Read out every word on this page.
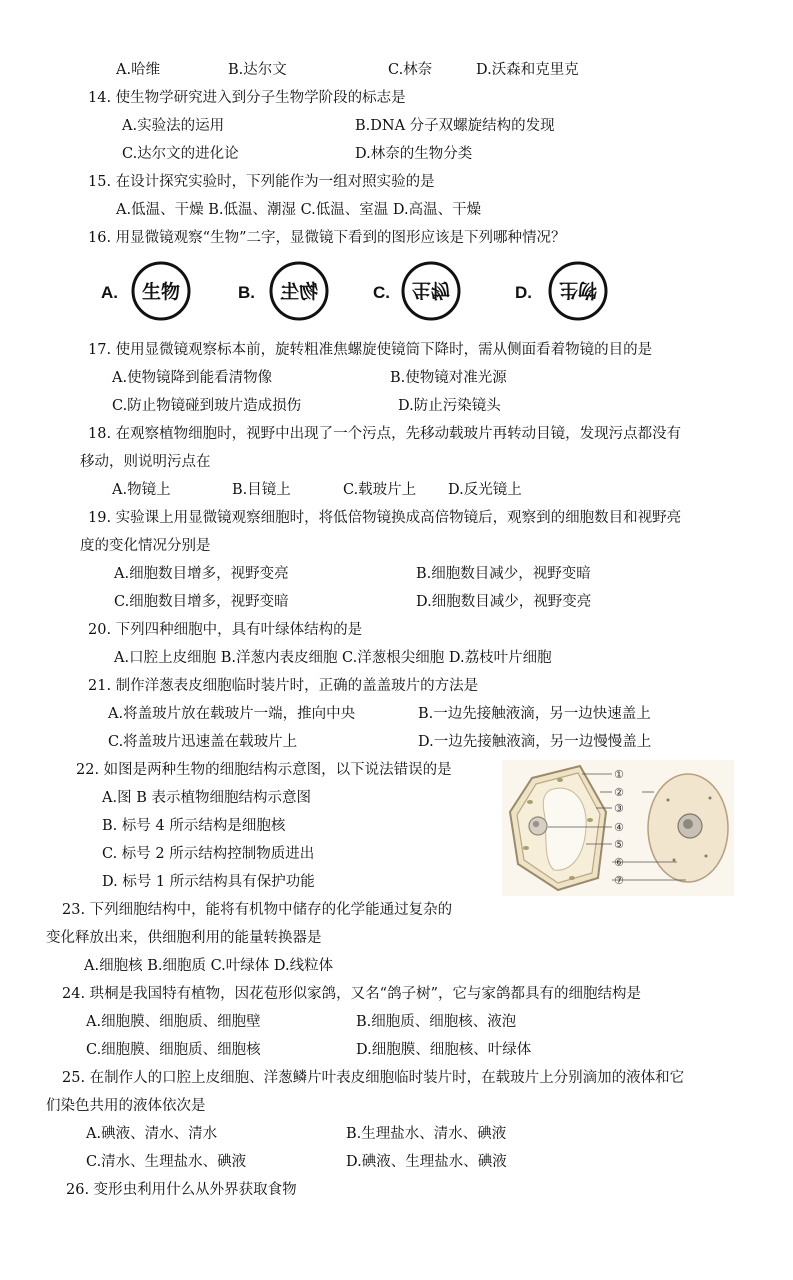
A.哈维	B.达尔文	C.林奈	D.沃森和克里克
14. 使生物学研究进入到分子生物学阶段的标志是
A.实验法的运用	B.DNA 分子双螺旋结构的发现
C.达尔文的进化论	D.林奈的生物分类
15. 在设计探究实验时，下列能作为一组对照实验的是
A.低温、干燥 B.低温、潮湿 C.低温、室温 D.高温、干燥
16. 用显微镜观察“生物”二字，显微镜下看到的图形应该是下列哪种情况？
A. 生物	B. 物生	C. 生物	D. 物生
17. 使用显微镜观察标本前，旋转粗准焦螺旋使镜筒下降时，需从侧面看着物镜的目的是
A.使物镜降到能看清物像	B.使物镜对准光源
C.防止物镜碰到玻片造成损伤	D.防止污染镜头
18. 在观察植物细胞时，视野中出现了一个污点，先移动载玻片再转动目镜，发现污点都没有
移动，则说明污点在
A.物镜上	B.目镜上	C.载玻片上 D.反光镜上
19. 实验课上用显微镜观察细胞时，将低倍物镜换成高倍物镜后，观察到的细胞数目和视野亮
度的变化情况分别是
A.细胞数目增多，视野变亮	B.细胞数目减少，视野变暗
C.细胞数目增多，视野变暗	D.细胞数目减少，视野变亮
20. 下列四种细胞中，具有叶绿体结构的是
A.口腔上皮细胞 B.洋葱内表皮细胞 C.洋葱根尖细胞 D.荔枝叶片细胞
21. 制作洋葱表皮细胞临时装片时，正确的盖盖玻片的方法是
A.将盖玻片放在载玻片一端，推向中央	B.一边先接触液滴，另一边快速盖上
C.将盖玻片迅速盖在载玻片上	D.一边先接触液滴，另一边慢慢盖上
22. 如图是两种生物的细胞结构示意图，以下说法错误的是
A.图 B 表示植物细胞结构示意图
B. 标号 4 所示结构是细胞核
C. 标号 2 所示结构控制物质进出
D. 标号 1 所示结构具有保护功能
①
②
③
④
⑤
⑥
⑦
23. 下列细胞结构中，能将有机物中储存的化学能通过复杂的
变化释放出来，供细胞利用的能量转换器是
A.细胞核 B.细胞质 C.叶绿体 D.线粒体
24. 珙桐是我国特有植物，因花苞形似家鸽，又名“鸽子树”，它与家鸽都具有的细胞结构是
A.细胞膜、细胞质、细胞壁	B.细胞质、细胞核、液泡
C.细胞膜、细胞质、细胞核	D.细胞膜、细胞核、叶绿体
25. 在制作人的口腔上皮细胞、洋葱鳞片叶表皮细胞临时装片时，在载玻片上分别滴加的液体和它
们染色共用的液体依次是
A.碘液、清水、清水	B.生理盐水、清水、碘液
C.清水、生理盐水、碘液	D.碘液、生理盐水、碘液
26. 变形虫利用什么从外界获取食物
